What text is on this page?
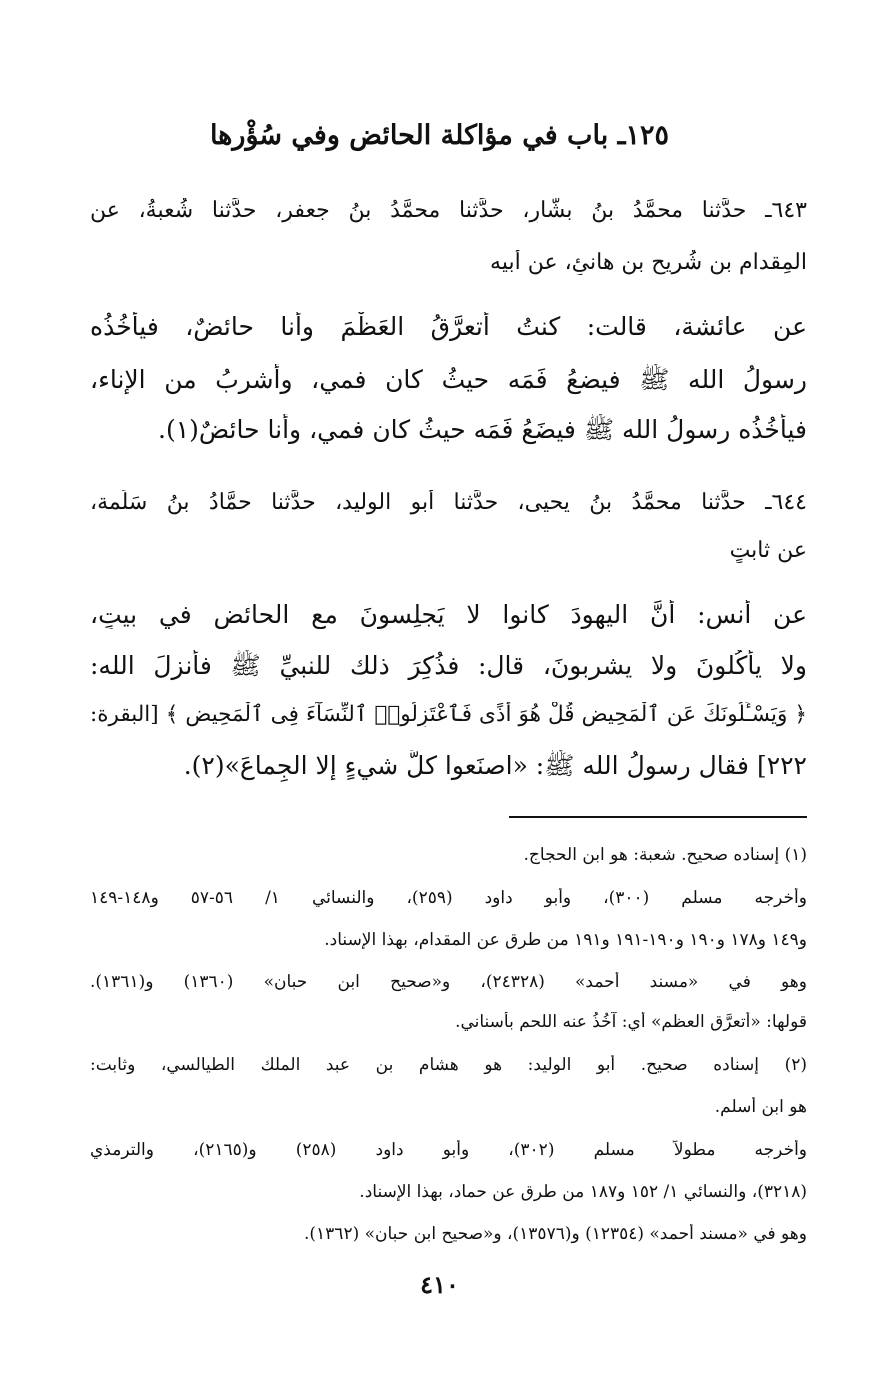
١٢٥ـ باب في مؤاكلة الحائض وفي سُؤْرها
٦٤٣ـ حدَّثنا محمَّدُ بنُ بشَّارٍ، حدَّثنا محمَّدُ بنُ جعفرٍ، حدَّثنا شُعبةُ، عن
المِقدام بن شُريح بن هانئٍ، عن أبيه
عن عائشة، قالت: كنتُ أتعرَّقُ العَظْمَ وأنا حائضٌ، فيأخُذُه
رسولُ الله ﷺ فيضعُ فَمَه حيثُ كان فمي، وأشربُ من الإناء،
فيأخُذُه رسولُ الله ﷺ فيضَعُ فَمَه حيثُ كان فمي، وأنا حائضٌ(١).
٦٤٤ـ حدَّثنا محمَّدُ بنُ يحيى، حدَّثنا أبو الوليد، حدَّثنا حمَّادُ بنُ سَلَمة،
عن ثابتٍ
عن أنسٍ: أنَّ اليهودَ كانوا لا يَجلِسونَ مع الحائضِ في بيتٍ،
ولا يأكُلونَ ولا يشربونَ، قال: فذُكِرَ ذلك للنبيِّ ﷺ فأنزلَ الله:
﴿ وَيَسْـَٔلُونَكَ عَنِ ٱلْمَحِيضِ قُلْ هُوَ أَذًى فَٱعْتَزِلُوا۟ ٱلنِّسَآءَ فِى ٱلْمَحِيضِ ﴾ [البقرة:
٢٢٢] فقال رسولُ الله ﷺ: «اصنَعوا كلَّ شيءٍ إلا الجِماعَ»(٢).
(١) إسناده صحيح. شعبة: هو ابن الحجاج.
وأخرجه مسلم (٣٠٠)، وأبو داود (٢٥٩)، والنسائي ١/ ٥٦-٥٧ و١٤٨-١٤٩
و١٤٩ و١٧٨ و١٩٠ و١٩٠-١٩١ و١٩١ من طرق عن المقدام، بهذا الإسناد.
وهو في «مسند أحمد» (٢٤٣٢٨)، و«صحيح ابن حبان» (١٣٦٠) و(١٣٦١).
قولها: «أتعرَّق العظم» أي: آخُذُ عنه اللحم بأسناني.
(٢) إسناده صحيح. أبو الوليد: هو هشام بن عبد الملك الطيالسي، وثابت:
هو ابن أسلم.
وأخرجه مطولاً مسلم (٣٠٢)، وأبو داود (٢٥٨) و(٢١٦٥)، والترمذي
(٣٢١٨)، والنسائي ١/ ١٥٢ و١٨٧ من طرق عن حماد، بهذا الإسناد.
وهو في «مسند أحمد» (١٢٣٥٤) و(١٣٥٧٦)، و«صحيح ابن حبان» (١٣٦٢).
٤١٠
